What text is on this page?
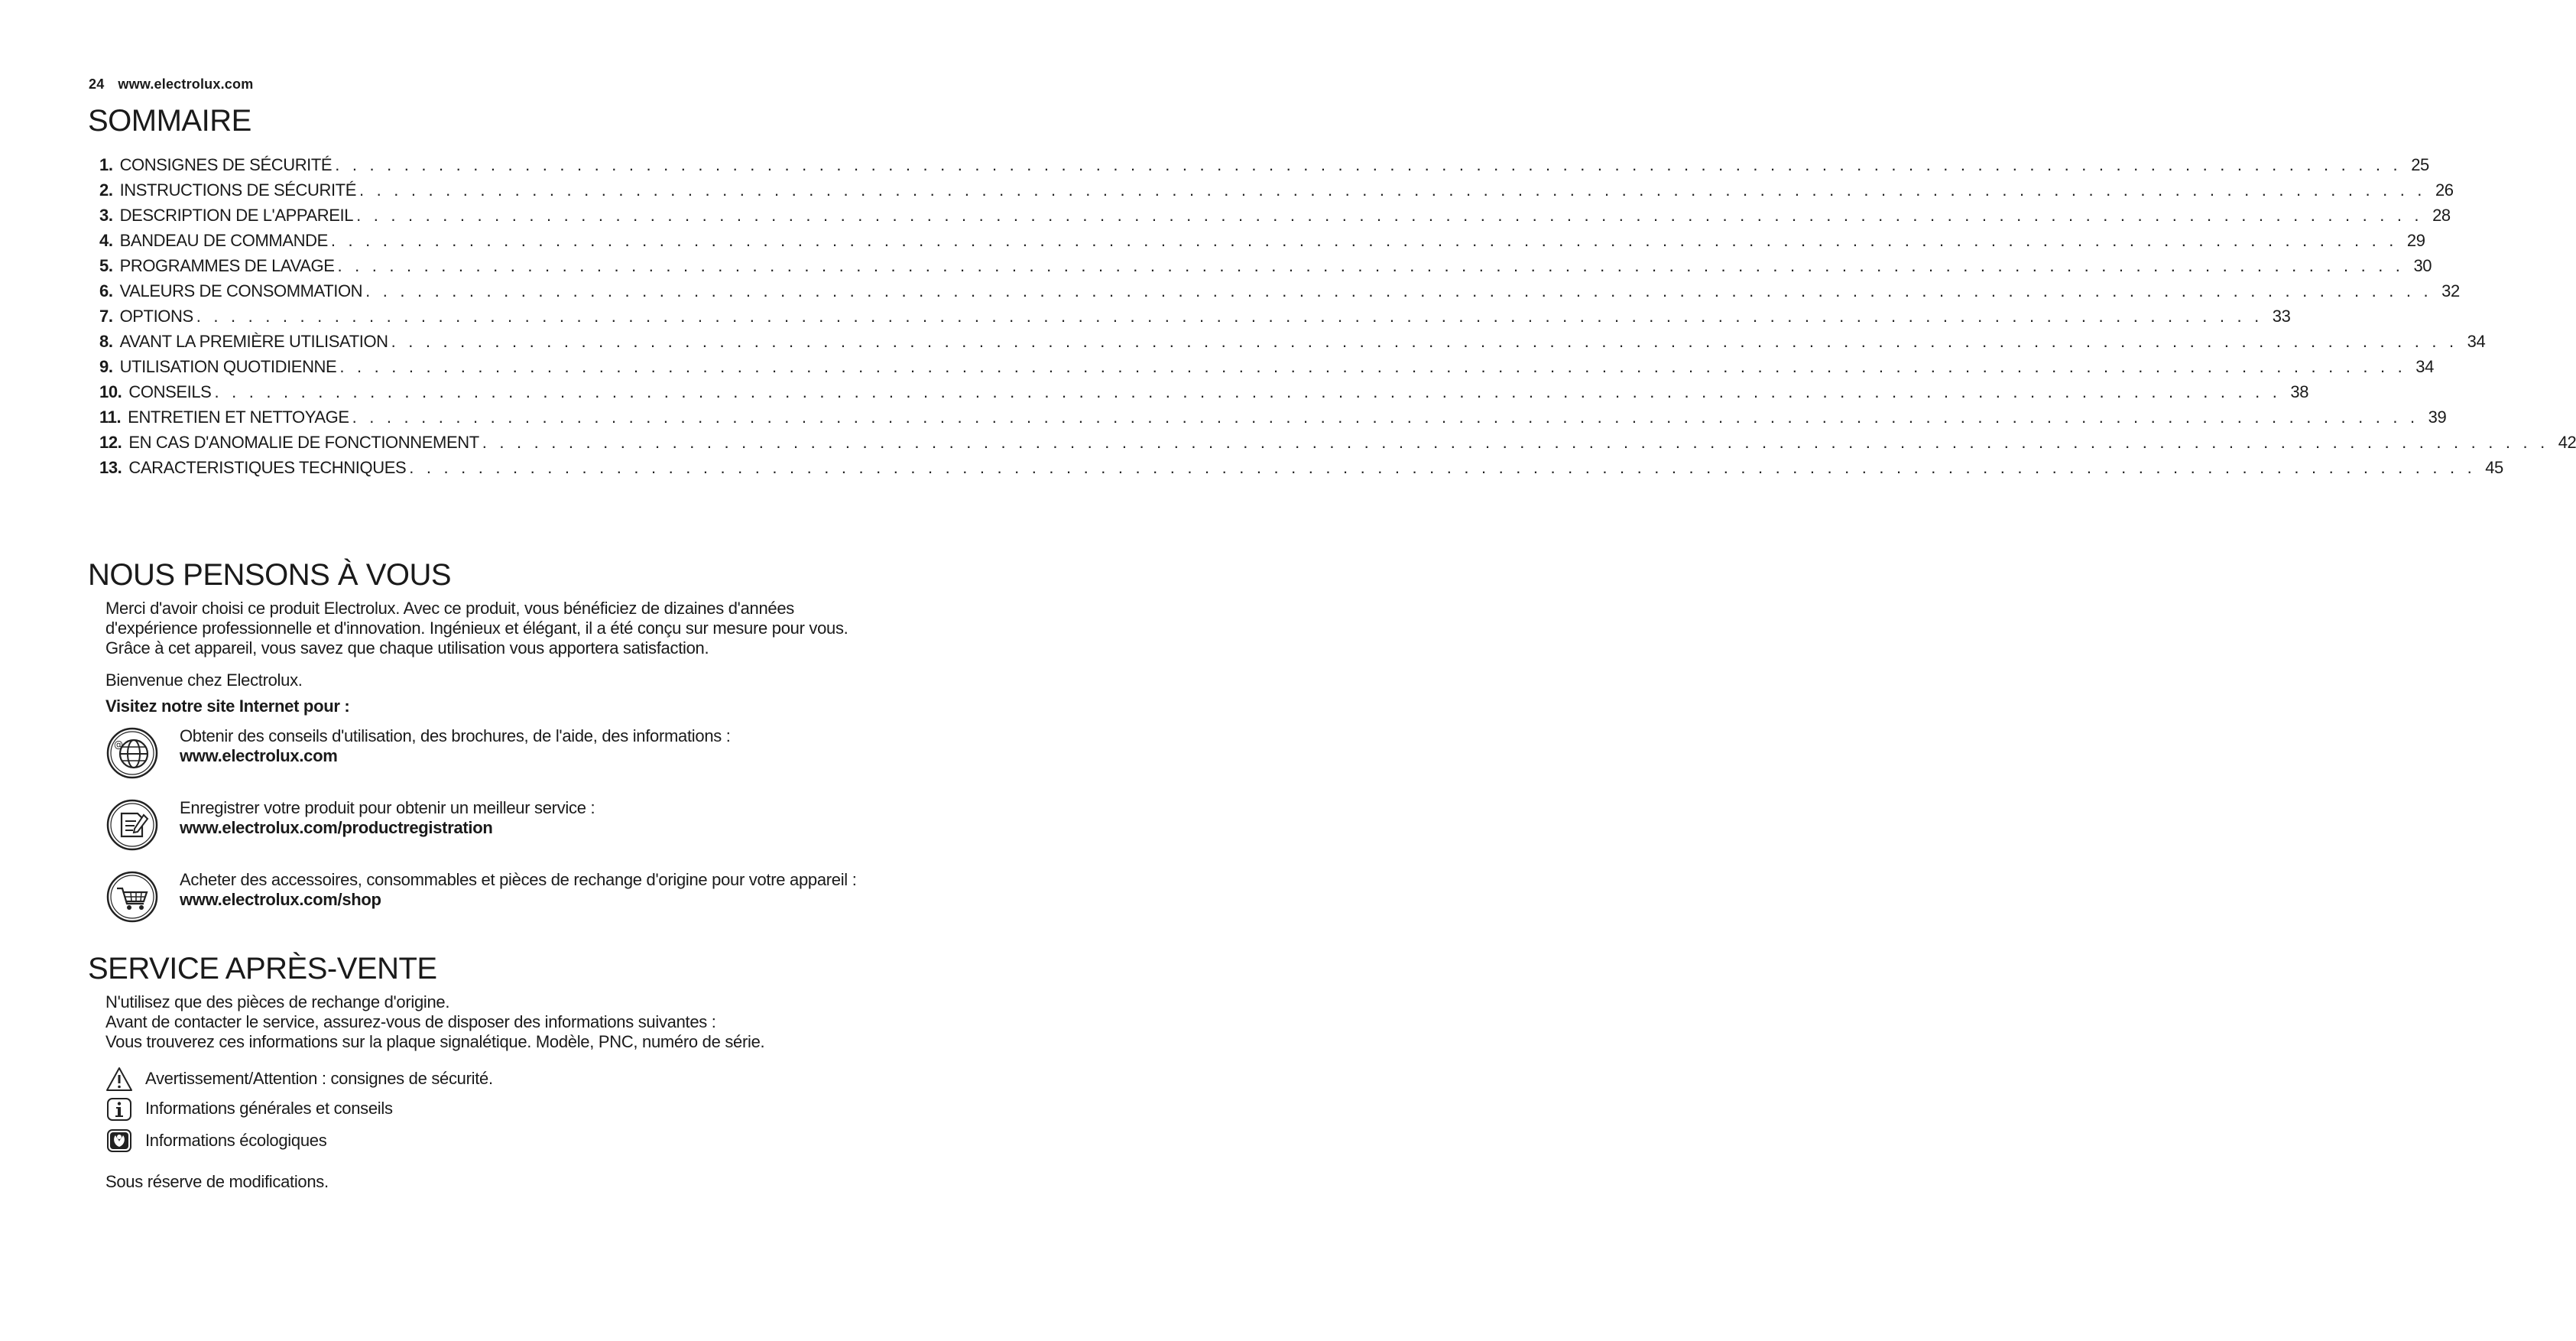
24 www.electrolux.com
SOMMAIRE
1. CONSIGNES DE SÉCURITÉ . . . . . . . . . . . . . . . . . . . . . . . . . . . . . . . . . . . . . . . . . . . . . . . . . . . . . . . . . . . . . . . . . . . . . . . . . . . . . . . . . . . . . . . . . . . . . . . . . . . . . . . . . . . . . . . . . . . . . . . . 25
2. INSTRUCTIONS DE SÉCURITÉ . . . . . . . . . . . . . . . . . . . . . . . . . . . . . . . . . . . . . . . . . . . . . . . . . . . . . . . . . . . . . . . . . . . . . . . . . . . . . . . . . . . . . . . . . . . . . . . . . . . . . . . . . . . . . . . . . . . . . . . . 26
3. DESCRIPTION DE L'APPAREIL . . . . . . . . . . . . . . . . . . . . . . . . . . . . . . . . . . . . . . . . . . . . . . . . . . . . . . . . . . . . . . . . . . . . . . . . . . . . . . . . . . . . . . . . . . . . . . . . . . . . . . . . . . . . . . . . . . . . . . . . 28
4. BANDEAU DE COMMANDE . . . . . . . . . . . . . . . . . . . . . . . . . . . . . . . . . . . . . . . . . . . . . . . . . . . . . . . . . . . . . . . . . . . . . . . . . . . . . . . . . . . . . . . . . . . . . . . . . . . . . . . . . . . . . . . . . . . . . . . . 29
5. PROGRAMMES DE LAVAGE . . . . . . . . . . . . . . . . . . . . . . . . . . . . . . . . . . . . . . . . . . . . . . . . . . . . . . . . . . . . . . . . . . . . . . . . . . . . . . . . . . . . . . . . . . . . . . . . . . . . . . . . . . . . . . . . . . . . . . . . 30
6. VALEURS DE CONSOMMATION . . . . . . . . . . . . . . . . . . . . . . . . . . . . . . . . . . . . . . . . . . . . . . . . . . . . . . . . . . . . . . . . . . . . . . . . . . . . . . . . . . . . . . . . . . . . . . . . . . . . . . . . . . . . . . . . . . . . . . . . 32
7. OPTIONS . . . . . . . . . . . . . . . . . . . . . . . . . . . . . . . . . . . . . . . . . . . . . . . . . . . . . . . . . . . . . . . . . . . . . . . . . . . . . . . . . . . . . . . . . . . . . . . . . . . . . . . . . . . . . . . . . . . . . . . . 33
8. AVANT LA PREMIÈRE UTILISATION . . . . . . . . . . . . . . . . . . . . . . . . . . . . . . . . . . . . . . . . . . . . . . . . . . . . . . . . . . . . . . . . . . . . . . . . . . . . . . . . . . . . . . . . . . . . . . . . . . . . . . . . . . . . . . . . . . . . . . . . 34
9. UTILISATION QUOTIDIENNE . . . . . . . . . . . . . . . . . . . . . . . . . . . . . . . . . . . . . . . . . . . . . . . . . . . . . . . . . . . . . . . . . . . . . . . . . . . . . . . . . . . . . . . . . . . . . . . . . . . . . . . . . . . . . . . . . . . . . . . . 34
10. CONSEILS . . . . . . . . . . . . . . . . . . . . . . . . . . . . . . . . . . . . . . . . . . . . . . . . . . . . . . . . . . . . . . . . . . . . . . . . . . . . . . . . . . . . . . . . . . . . . . . . . . . . . . . . . . . . . . . . . . . . . . . . 38
11. ENTRETIEN ET NETTOYAGE . . . . . . . . . . . . . . . . . . . . . . . . . . . . . . . . . . . . . . . . . . . . . . . . . . . . . . . . . . . . . . . . . . . . . . . . . . . . . . . . . . . . . . . . . . . . . . . . . . . . . . . . . . . . . . . . . . . . . . . . 39
12. EN CAS D'ANOMALIE DE FONCTIONNEMENT . . . . . . . . . . . . . . . . . . . . . . . . . . . . . . . . . . . . . . . . . . . . . . . . . . . . . . . . . . . . . . . . . . . . . . . . . . . . . . . . . . . . . . . . . . . . . . . . . . . . . . . . . . . . . . . . . . . . . . . . 42
13. CARACTERISTIQUES TECHNIQUES . . . . . . . . . . . . . . . . . . . . . . . . . . . . . . . . . . . . . . . . . . . . . . . . . . . . . . . . . . . . . . . . . . . . . . . . . . . . . . . . . . . . . . . . . . . . . . . . . . . . . . . . . . . . . . . . . . . . . . . . 45
NOUS PENSONS À VOUS
Merci d'avoir choisi ce produit Electrolux. Avec ce produit, vous bénéficiez de dizaines d'années d'expérience professionnelle et d'innovation. Ingénieux et élégant, il a été conçu sur mesure pour vous. Grâce à cet appareil, vous savez que chaque utilisation vous apportera satisfaction.
Bienvenue chez Electrolux.
Visitez notre site Internet pour :
@	Obtenir des conseils d'utilisation, des brochures, de l'aide, des informations :
www.electrolux.com
Enregistrer votre produit pour obtenir un meilleur service :
www.electrolux.com/productregistration
Acheter des accessoires, consommables et pièces de rechange d'origine pour votre appareil :
www.electrolux.com/shop
SERVICE APRÈS-VENTE
N'utilisez que des pièces de rechange d'origine.
Avant de contacter le service, assurez-vous de disposer des informations suivantes :
Vous trouverez ces informations sur la plaque signalétique. Modèle, PNC, numéro de série.
Avertissement/Attention : consignes de sécurité.
Informations générales et conseils
Informations écologiques
Sous réserve de modifications.
